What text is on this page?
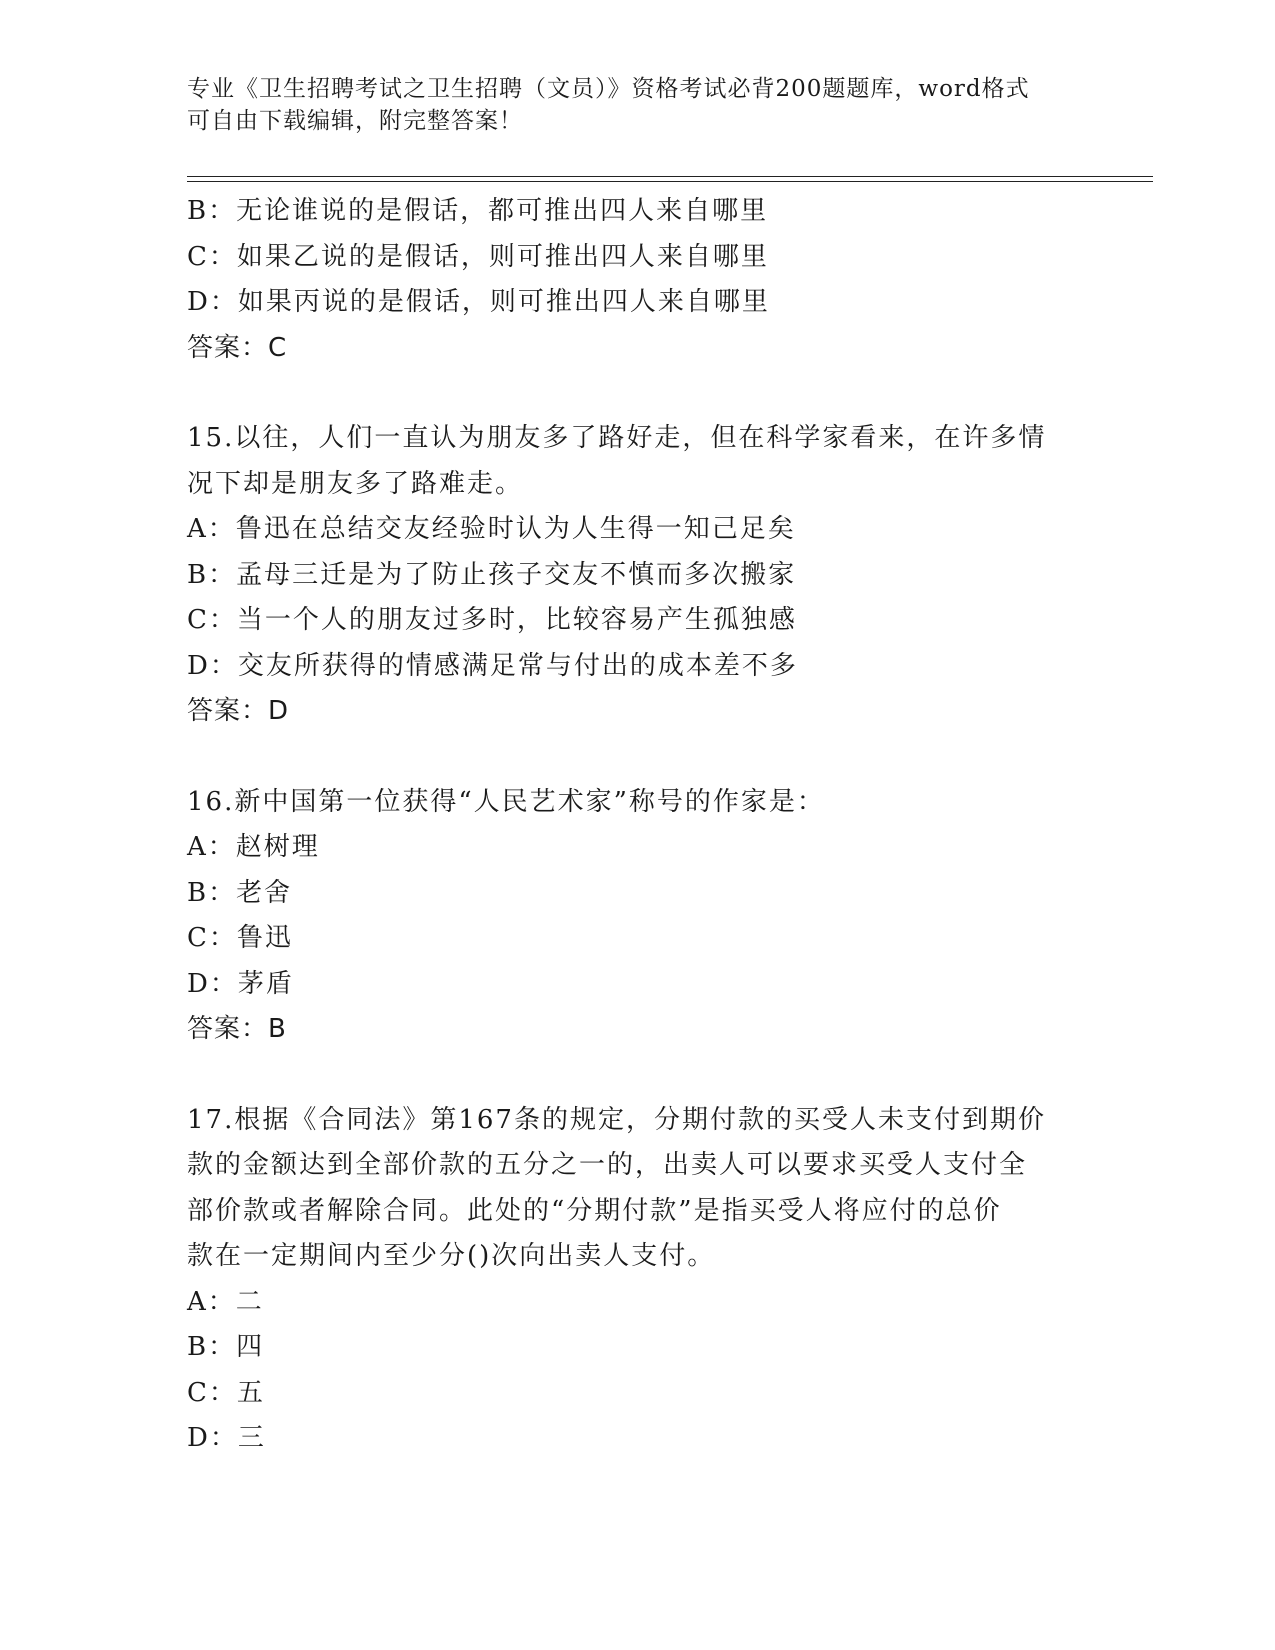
专业《卫生招聘考试之卫生招聘（文员）》资格考试必背200题题库，word格式
可自由下载编辑，附完整答案！
B：无论谁说的是假话，都可推出四人来自哪里
C：如果乙说的是假话，则可推出四人来自哪里
D：如果丙说的是假话，则可推出四人来自哪里
答案：C
15.以往，人们一直认为朋友多了路好走，但在科学家看来，在许多情
况下却是朋友多了路难走。
A：鲁迅在总结交友经验时认为人生得一知己足矣
B：孟母三迁是为了防止孩子交友不慎而多次搬家
C：当一个人的朋友过多时，比较容易产生孤独感
D：交友所获得的情感满足常与付出的成本差不多
答案：D
16.新中国第一位获得“人民艺术家”称号的作家是：
A：赵树理
B：老舍
C：鲁迅
D：茅盾
答案：B
17.根据《合同法》第167条的规定，分期付款的买受人未支付到期价
款的金额达到全部价款的五分之一的，出卖人可以要求买受人支付全
部价款或者解除合同。此处的“分期付款”是指买受人将应付的总价
款在一定期间内至少分()次向出卖人支付。
A：二
B：四
C：五
D：三
